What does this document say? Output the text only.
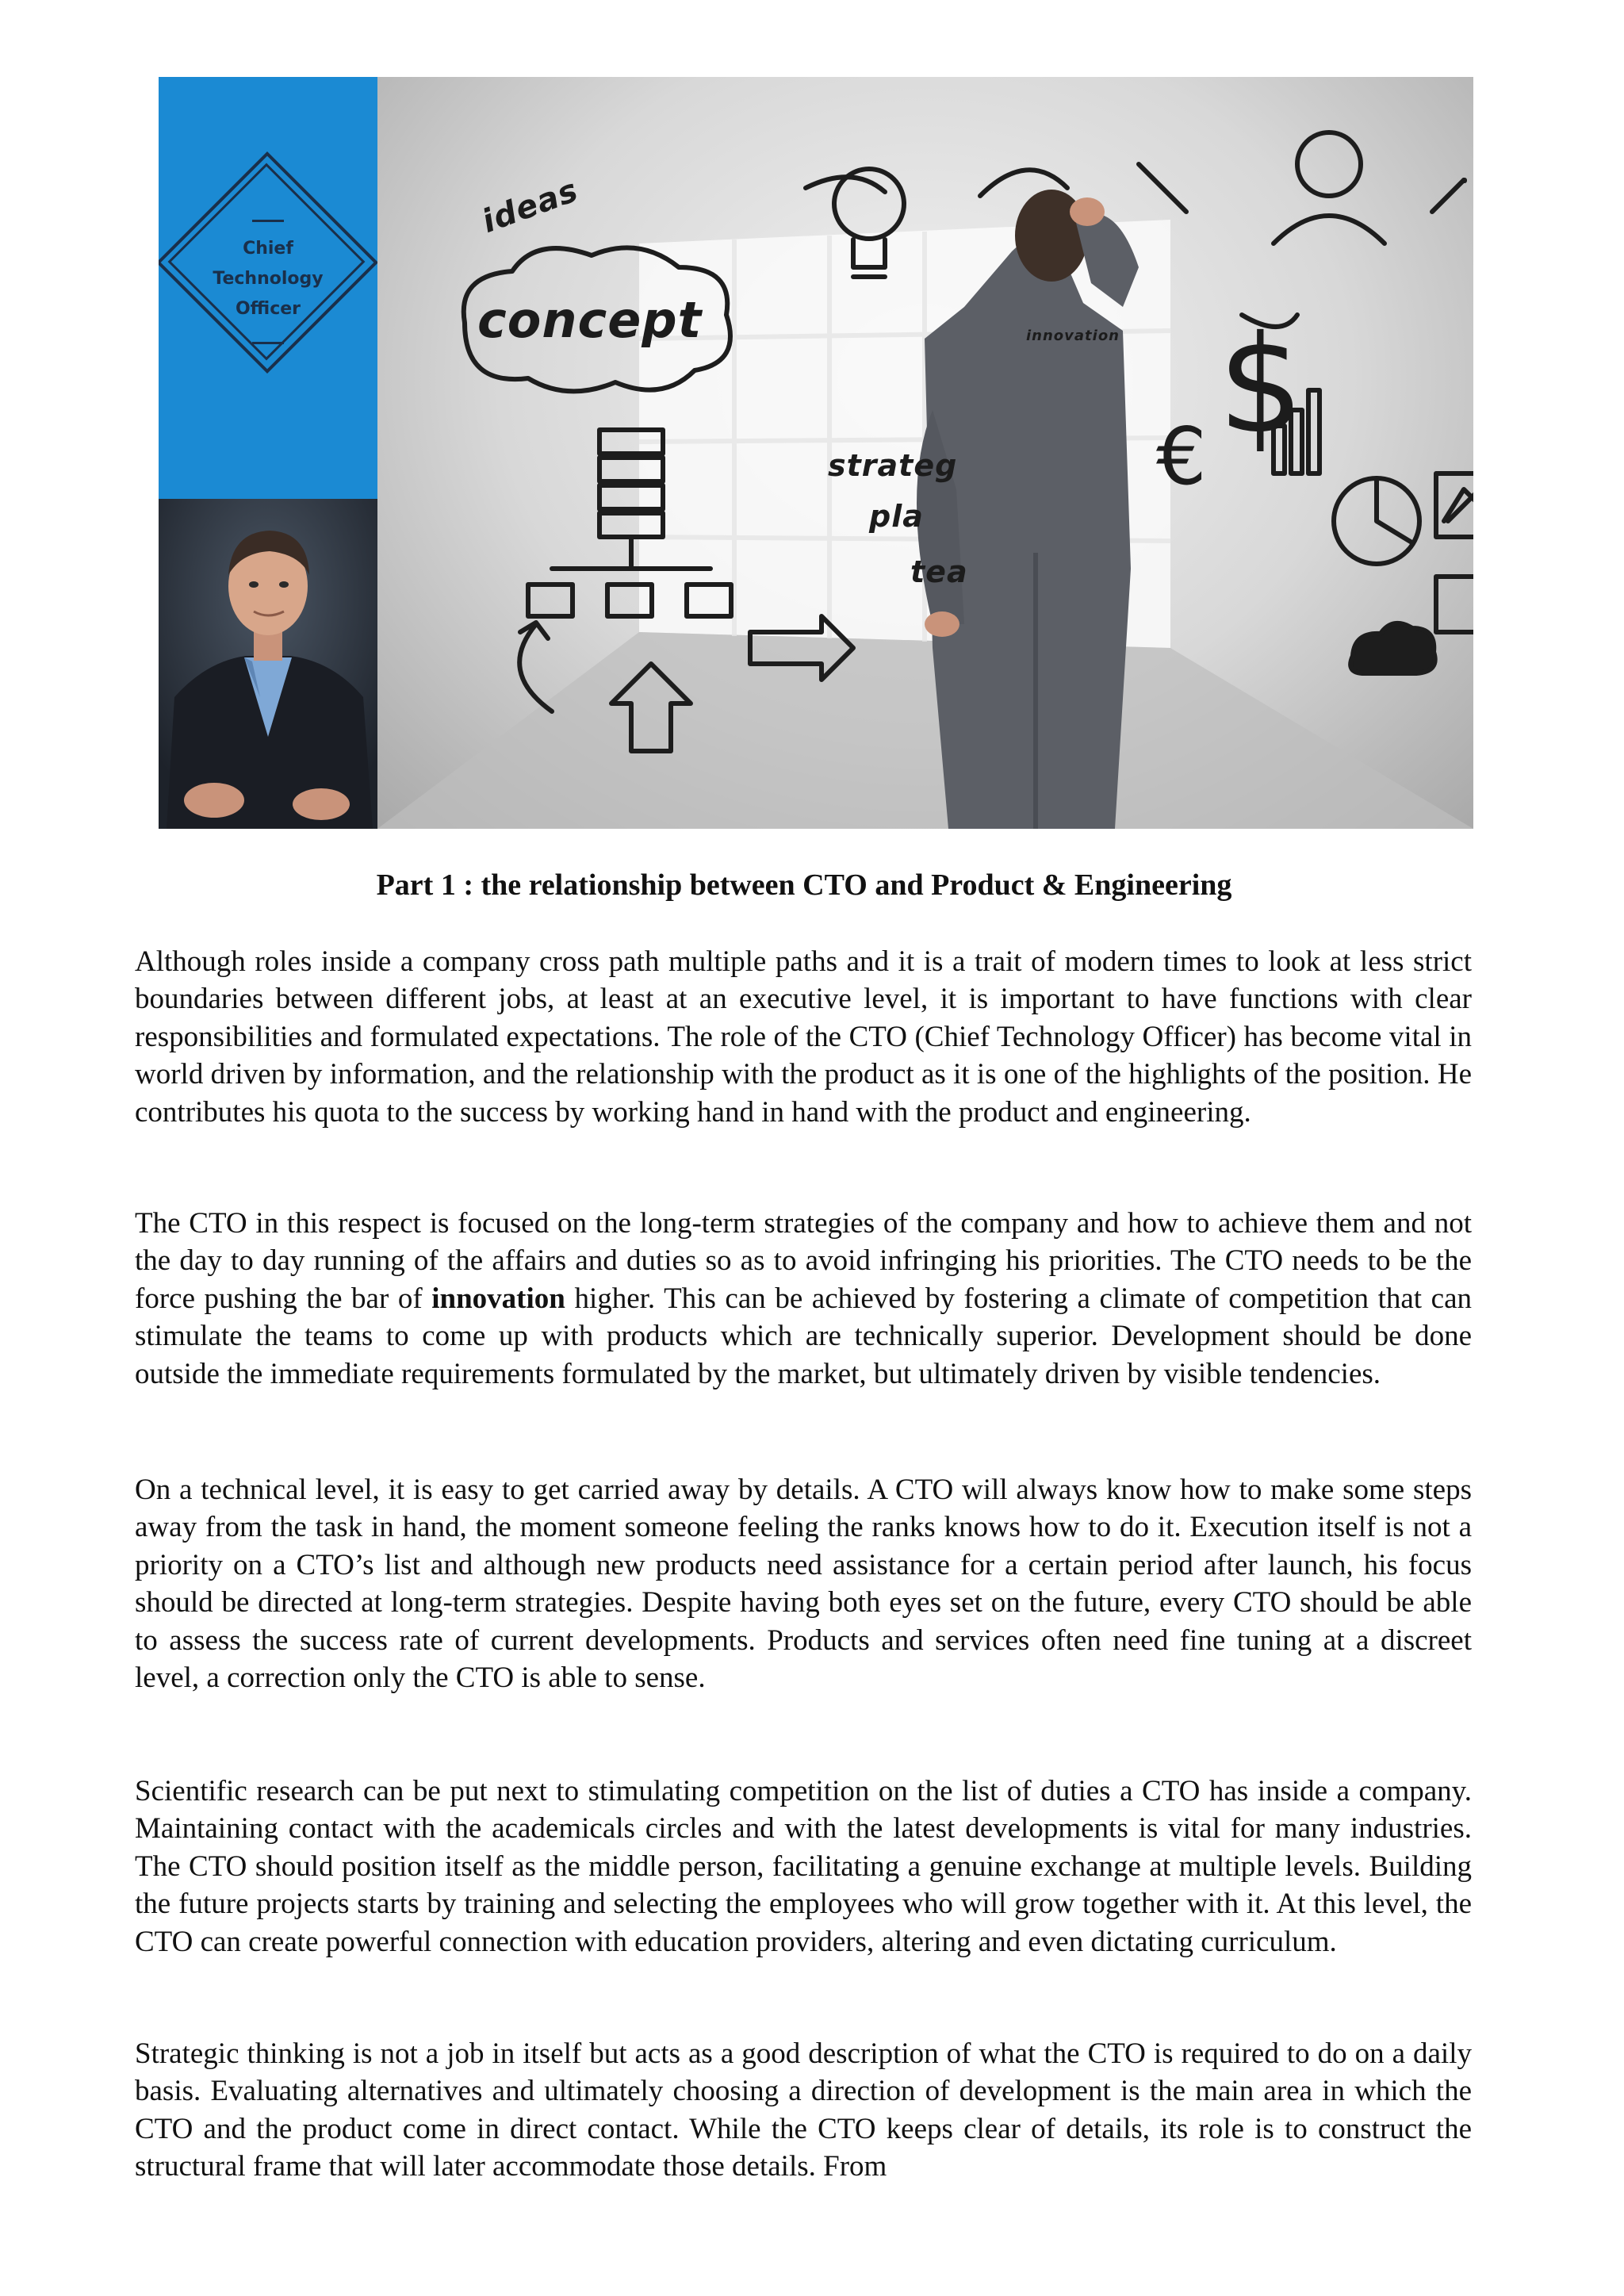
Chief
Technology
Officer
ideas
concept
strateg
pla
tea
innovation $
€
Part 1 : the relationship between CTO and Product & Engineering

Although roles inside a company cross path multiple paths and it is a trait of modern times to look at less strict boundaries between different jobs, at least at an executive level, it is important to have functions with clear responsibilities and formulated expectations. The role of the CTO (Chief Technology Officer) has become vital in world driven by information, and the relationship with the product as it is one of the highlights of the position. He contributes his quota to the success by working hand in hand with the product and engineering.

The CTO in this respect is focused on the long-term strategies of the company and how to achieve them and not the day to day running of the affairs and duties so as to avoid infringing his priorities. The CTO needs to be the force pushing the bar of innovation higher. This can be achieved by fostering a climate of competition that can stimulate the teams to come up with products which are technically superior. Development should be done outside the immediate requirements formulated by the market, but ultimately driven by visible tendencies.

On a technical level, it is easy to get carried away by details. A CTO will always know how to make some steps away from the task in hand, the moment someone feeling the ranks knows how to do it. Execution itself is not a priority on a CTO’s list and although new products need assistance for a certain period after launch, his focus should be directed at long-term strategies. Despite having both eyes set on the future, every CTO should be able to assess the success rate of current developments. Products and services often need fine tuning at a discreet level, a correction only the CTO is able to sense.

Scientific research can be put next to stimulating competition on the list of duties a CTO has inside a company. Maintaining contact with the academicals circles and with the latest developments is vital for many industries. The CTO should position itself as the middle person, facilitating a genuine exchange at multiple levels. Building the future projects starts by training and selecting the employees who will grow together with it. At this level, the CTO can create powerful connection with education providers, altering and even dictating curriculum.

Strategic thinking is not a job in itself but acts as a good description of what the CTO is required to do on a daily basis. Evaluating alternatives and ultimately choosing a direction of development is the main area in which the CTO and the product come in direct contact. While the CTO keeps clear of details, its role is to construct the structural frame that will later accommodate those details. From
